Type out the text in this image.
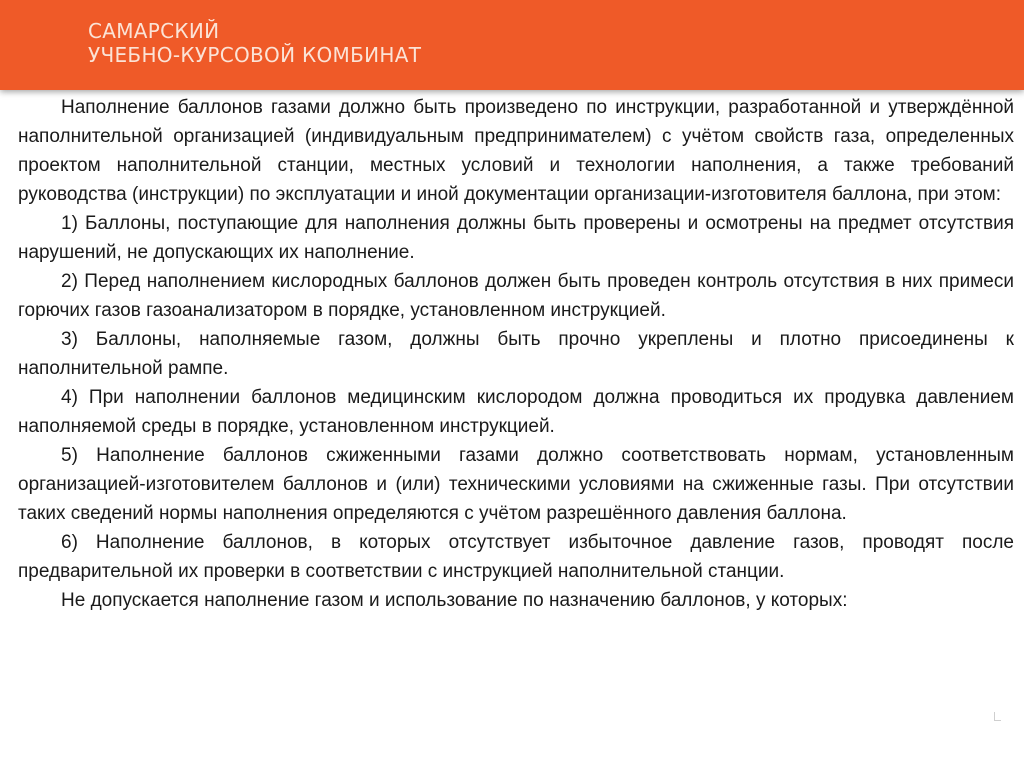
САМАРСКИЙ

УЧЕБНО-КУРСОВОЙ КОМБИНАТ

Наполнение баллонов газами должно быть произведено по инструкции, разработанной и утверждённой наполнительной организацией (индивидуальным предпринимателем) с учётом свойств газа, определенных проектом наполнительной станции, местных условий и технологии наполнения, а также требований руководства (инструкции) по эксплуатации и иной документации организации-изготовителя баллона, при этом:

1) Баллоны, поступающие для наполнения должны быть проверены и осмотрены на предмет отсутствия нарушений, не допускающих их наполнение.

2) Перед наполнением кислородных баллонов должен быть проведен контроль отсутствия в них примеси горючих газов газоанализатором в порядке, установленном инструкцией.

3) Баллоны, наполняемые газом, должны быть прочно укреплены и плотно присоединены к наполнительной рампе.

4) При наполнении баллонов медицинским кислородом должна проводиться их продувка давлением наполняемой среды в порядке, установленном инструкцией.

5) Наполнение баллонов сжиженными газами должно соответствовать нормам, установленным организацией-изготовителем баллонов и (или) техническими условиями на сжиженные газы. При отсутствии таких сведений нормы наполнения определяются с учётом разрешённого давления баллона.

6) Наполнение баллонов, в которых отсутствует избыточное давление газов, проводят после предварительной их проверки в соответствии с инструкцией наполнительной станции.

Не допускается наполнение газом и использование по назначению баллонов, у которых:
